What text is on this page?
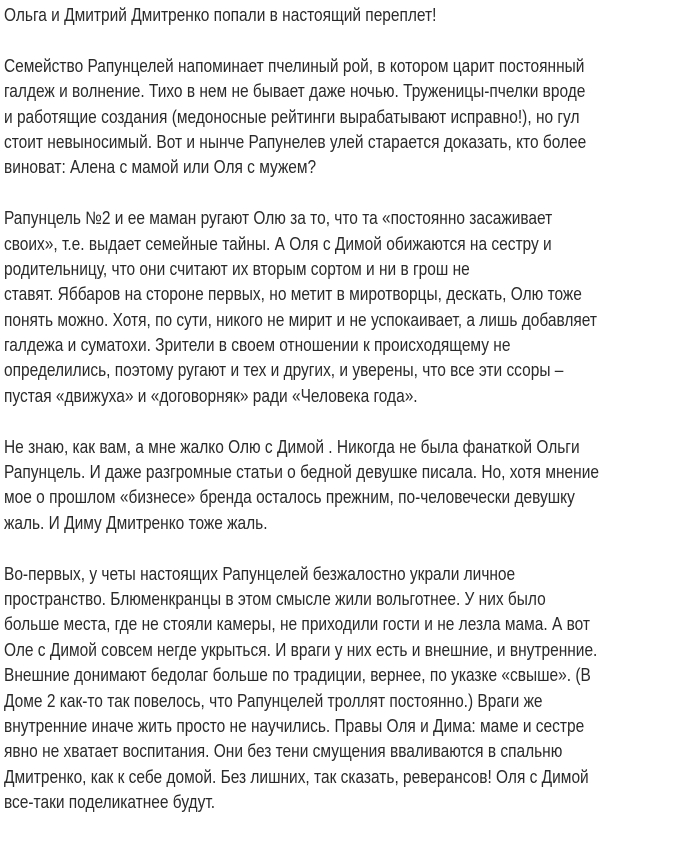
Ольга и Дмитрий Дмитренко попали в настоящий переплет!
Семейство Рапунцелей напоминает пчелиный рой, в котором царит постоянный
галдеж и волнение. Тихо в нем не бывает даже ночью. Труженицы-пчелки вроде
и работящие создания (медоносные рейтинги вырабатывают исправно!), но гул
стоит невыносимый. Вот и нынче Рапунелев улей старается доказать, кто более
виноват: Алена с мамой или Оля с мужем?
Рапунцель №2 и ее маман ругают Олю за то, что та «постоянно засаживает
своих», т.е. выдает семейные тайны. А Оля с Димой обижаются на сестру и
родительницу, что они считают их вторым сортом и ни в грош не
ставят. Яббаров на стороне первых, но метит в миротворцы, дескать, Олю тоже
понять можно. Хотя, по сути, никого не мирит и не успокаивает, а лишь добавляет
галдежа и суматохи. Зрители в своем отношении к происходящему не
определились, поэтому ругают и тех и других, и уверены, что все эти ссоры –
пустая «движуха» и «договорняк» ради «Человека года».
Не знаю, как вам, а мне жалко Олю с Димой . Никогда не была фанаткой Ольги
Рапунцель. И даже разгромные статьи о бедной девушке писала. Но, хотя мнение
мое о прошлом «бизнесе» бренда осталось прежним, по-человечески девушку
жаль. И Диму Дмитренко тоже жаль.
Во-первых, у четы настоящих Рапунцелей безжалостно украли личное
пространство. Блюменкранцы в этом смысле жили вольготнее. У них было
больше места, где не стояли камеры, не приходили гости и не лезла мама. А вот
Оле с Димой совсем негде укрыться. И враги у них есть и внешние, и внутренние.
Внешние донимают бедолаг больше по традиции, вернее, по указке «свыше». (В
Доме 2 как-то так повелось, что Рапунцелей троллят постоянно.) Враги же
внутренние иначе жить просто не научились. Правы Оля и Дима: маме и сестре
явно не хватает воспитания. Они без тени смущения вваливаются в спальню
Дмитренко, как к себе домой. Без лишних, так сказать, реверансов! Оля с Димой
все-таки поделикатнее будут.
